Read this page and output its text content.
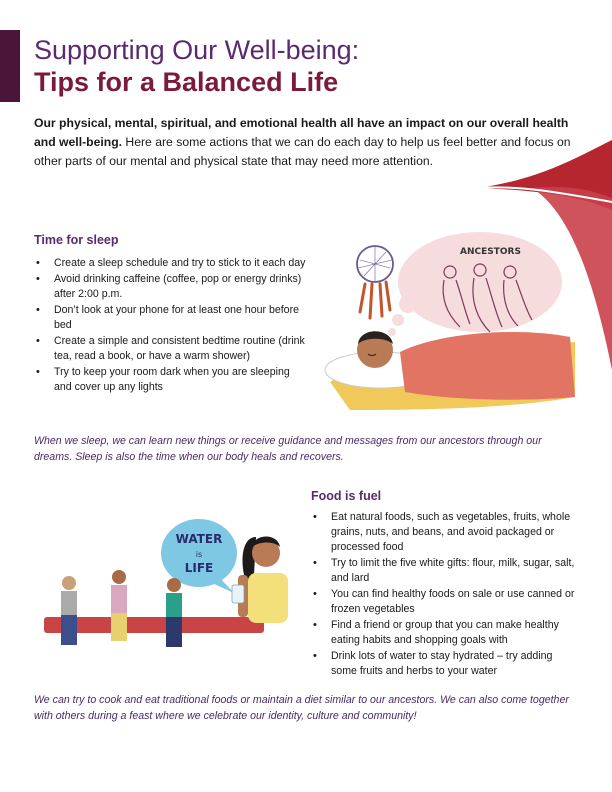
Supporting Our Well-being:
Tips for a Balanced Life
Our physical, mental, spiritual, and emotional health all have an impact on our overall health and well-being. Here are some actions that we can do each day to help us feel better and focus on other parts of our mental and physical state that may need more attention.
Time for sleep
• Create a sleep schedule and try to stick to it each day
• Avoid drinking caffeine (coffee, pop or energy drinks) after 2:00 p.m.
• Don’t look at your phone for at least one hour before bed
• Create a simple and consistent bedtime routine (drink tea, read a book, or have a warm shower)
• Try to keep your room dark when you are sleeping and cover up any lights
ANCESTORS
When we sleep, we can learn new things or receive guidance and messages from our ancestors through our dreams. Sleep is also the time when our body heals and recovers.
WATER
is
LIFE
Food is fuel
• Eat natural foods, such as vegetables, fruits, whole grains, nuts, and beans, and avoid packaged or processed food
• Try to limit the five white gifts: flour, milk, sugar, salt, and lard
• You can find healthy foods on sale or use canned or frozen vegetables
• Find a friend or group that you can make healthy eating habits and shopping goals with
• Drink lots of water to stay hydrated – try adding some fruits and herbs to your water
We can try to cook and eat traditional foods or maintain a diet similar to our ancestors. We can also come together with others during a feast where we celebrate our identity, culture and community!
